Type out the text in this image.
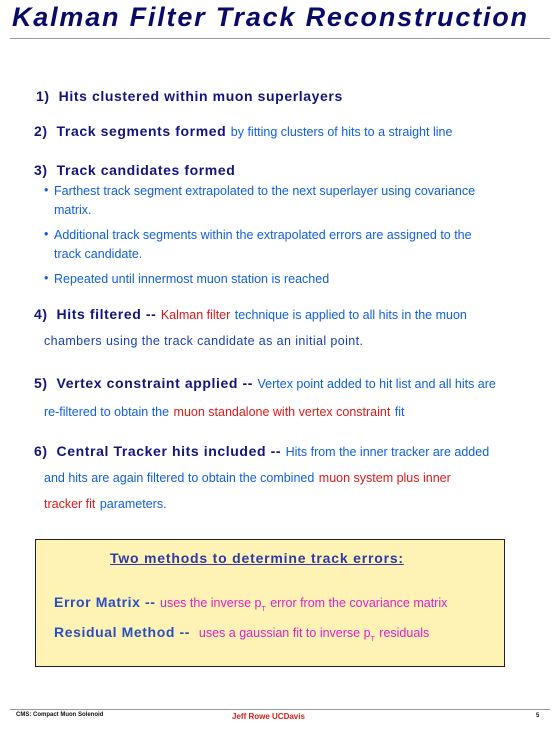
Kalman Filter Track Reconstruction
1) Hits clustered within muon superlayers
2) Track segments formed by fitting clusters of hits to a straight line
3) Track candidates formed
• Farthest track segment extrapolated to the next superlayer using covariance
matrix.
• Additional track segments within the extrapolated errors are assigned to the
track candidate.
• Repeated until innermost muon station is reached
4) Hits filtered -- Kalman filter technique is applied to all hits in the muon
chambers using the track candidate as an initial point.
5) Vertex constraint applied -- Vertex point added to hit list and all hits are
re-filtered to obtain the muon standalone with vertex constraint fit
6) Central Tracker hits included -- Hits from the inner tracker are added
and hits are again filtered to obtain the combined muon system plus inner
tracker fit parameters.
Two methods to determine track errors:
Error Matrix -- uses the inverse $p_T$ error from the covariance matrix
Residual Method -- uses a gaussian fit to inverse $p_T$ residuals
CMS: Compact Muon Solenoid	Jeff Rowe UCDavis	5
